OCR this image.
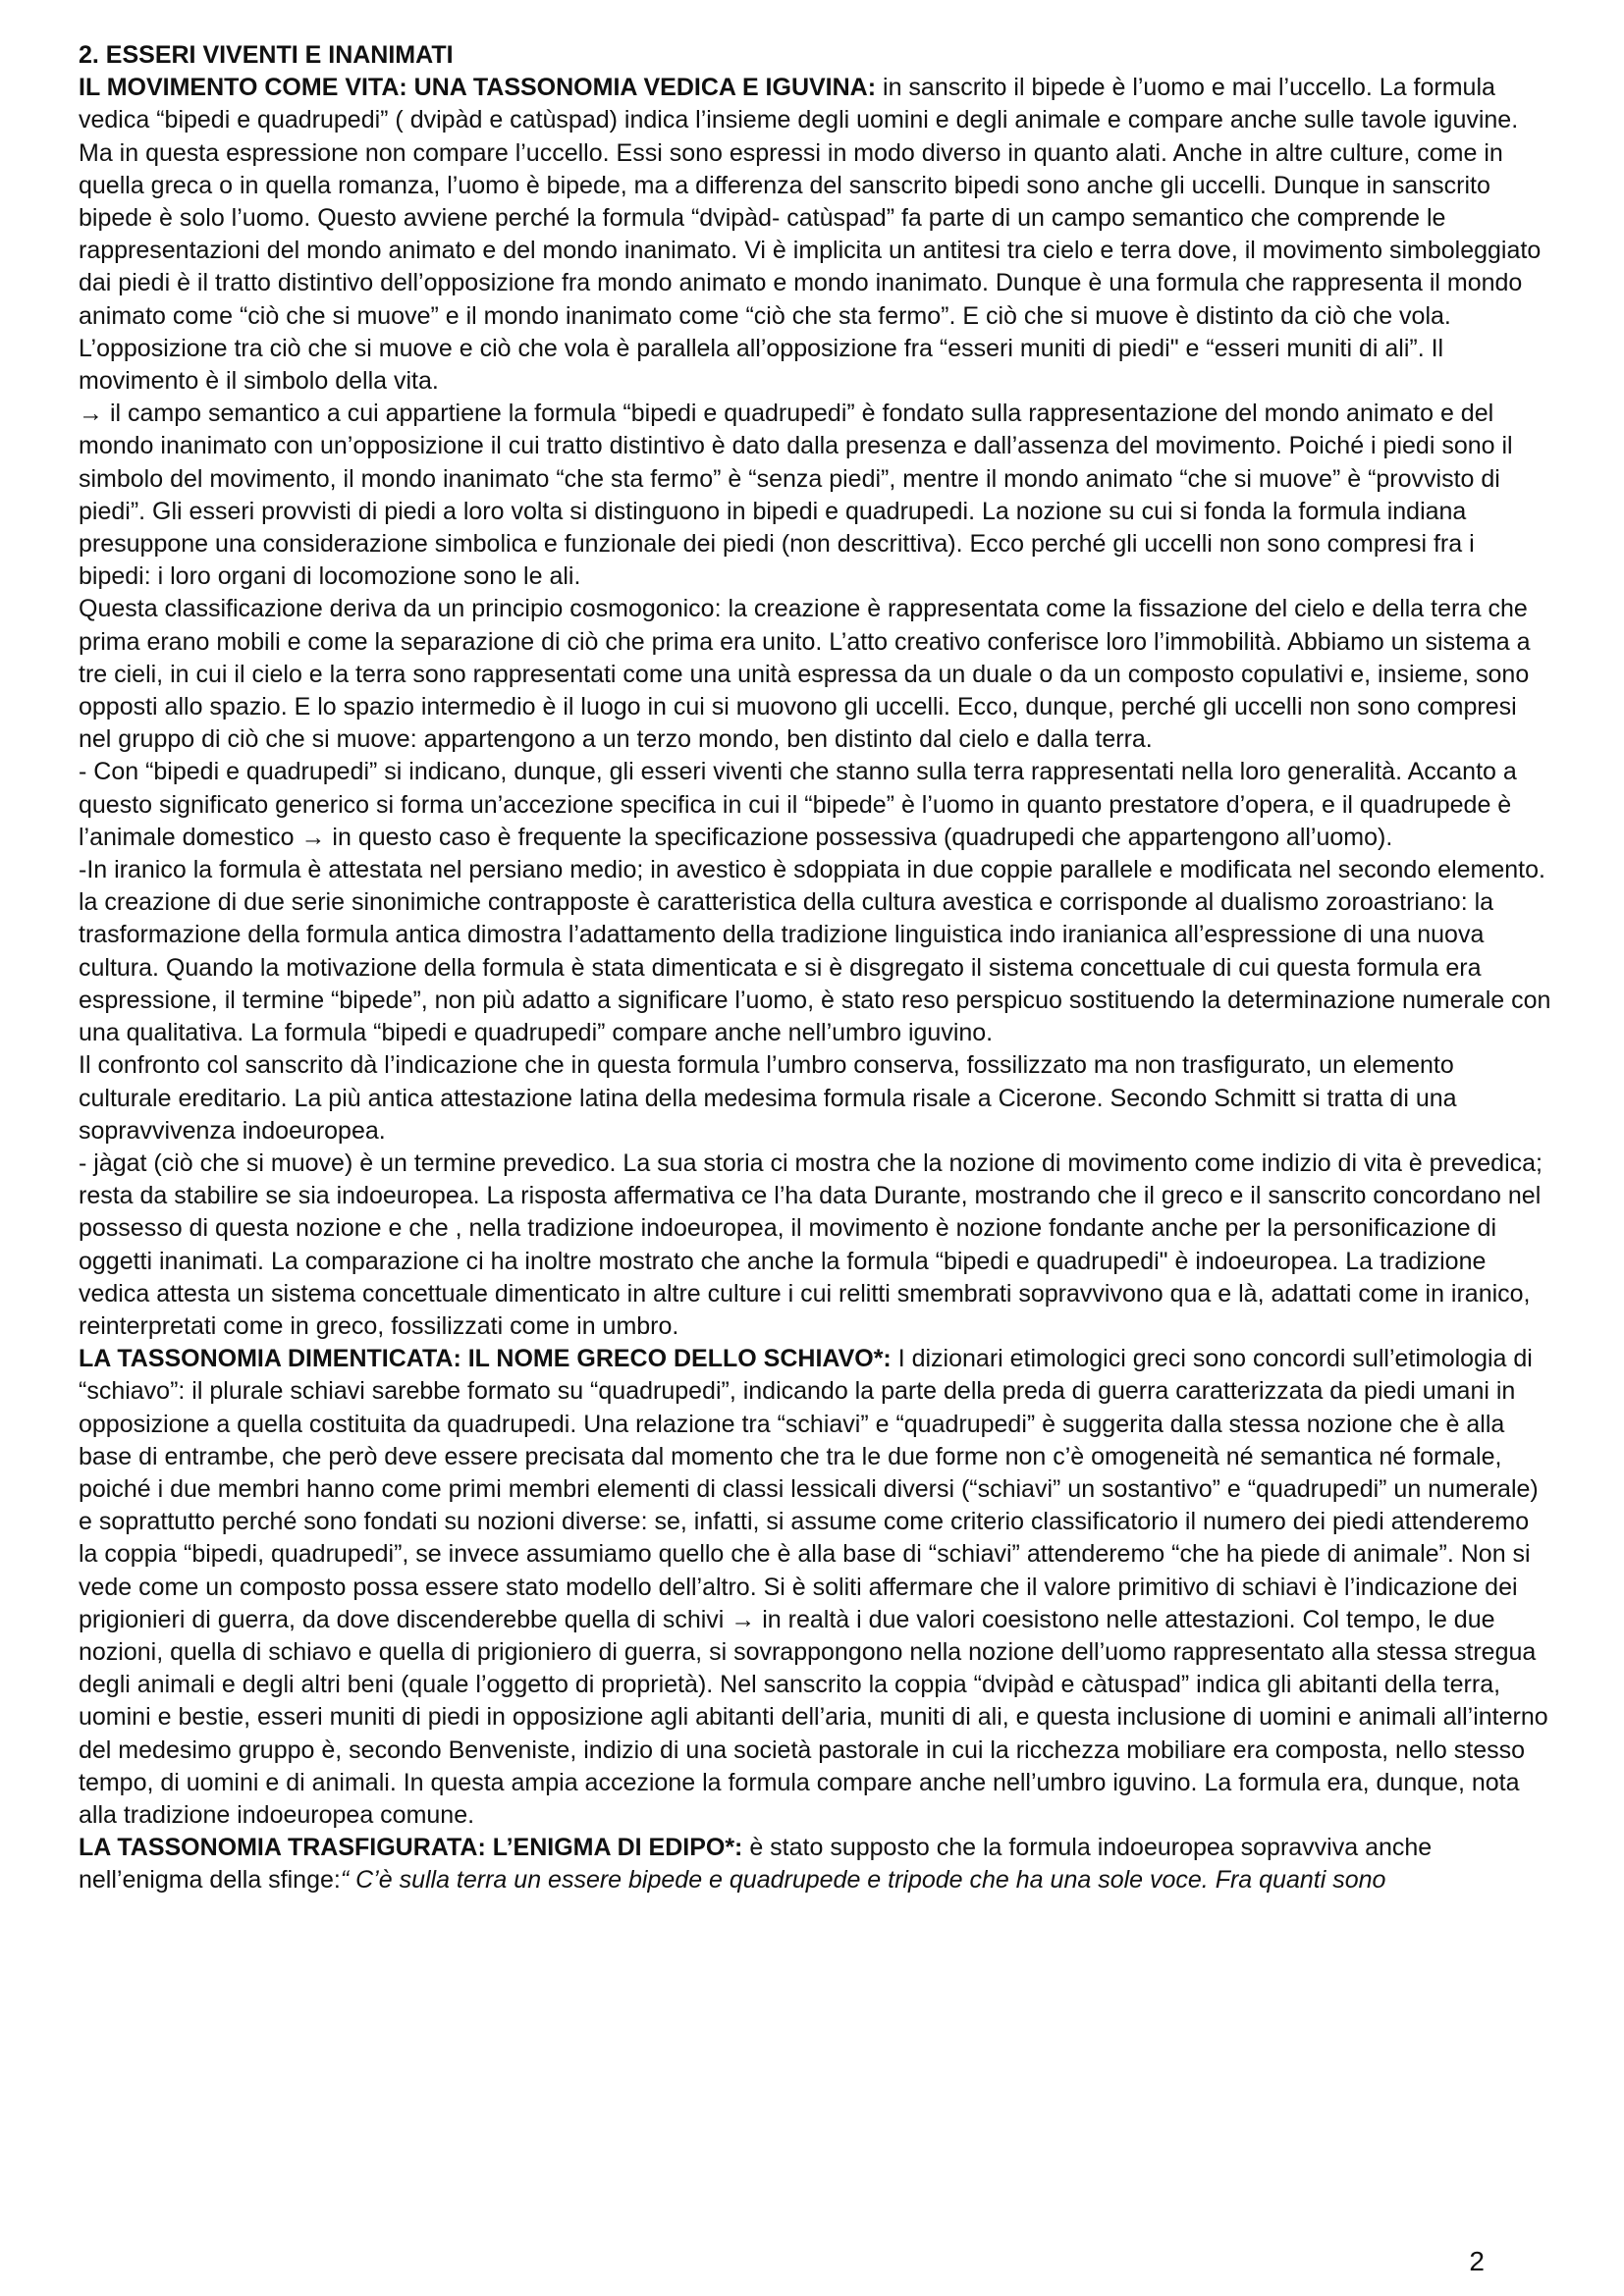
2. ESSERI VIVENTI E INANIMATI

IL MOVIMENTO COME VITA: UNA TASSONOMIA VEDICA E IGUVINA: in sanscrito il bipede è l’uomo e mai l’uccello. La formula vedica “bipedi e quadrupedi” ( dvipàd e catùspad) indica l’insieme degli uomini e degli animale e compare anche sulle tavole iguvine. Ma in questa espressione non compare l’uccello. Essi sono espressi in modo diverso in quanto alati. Anche in altre culture, come in quella greca o in quella romanza, l’uomo è bipede, ma a differenza del sanscrito bipedi sono anche gli uccelli. Dunque in sanscrito bipede è solo l’uomo. Questo avviene perché la formula “dvipàd- catùspad” fa parte di un campo semantico che comprende le rappresentazioni del mondo animato e del mondo inanimato. Vi è implicita un antitesi tra cielo e terra dove, il movimento simboleggiato dai piedi è il tratto distintivo dell’opposizione fra mondo animato e mondo inanimato. Dunque è una formula che rappresenta il mondo animato come “ciò che si muove” e il mondo inanimato come “ciò che sta fermo”. E ciò che si muove è distinto da ciò che vola. L’opposizione tra ciò che si muove e ciò che vola è parallela all’opposizione fra “esseri muniti di piedi" e “esseri muniti di ali”. Il movimento è il simbolo della vita.

→ il campo semantico a cui appartiene la formula “bipedi e quadrupedi” è fondato sulla rappresentazione del mondo animato e del mondo inanimato con un’opposizione il cui tratto distintivo è dato dalla presenza e dall’assenza del movimento. Poiché i piedi sono il simbolo del movimento, il mondo inanimato “che sta fermo” è “senza piedi”, mentre il mondo animato “che si muove” è “provvisto di piedi”. Gli esseri provvisti di piedi a loro volta si distinguono in bipedi e quadrupedi. La nozione su cui si fonda la formula indiana presuppone una considerazione simbolica e funzionale dei piedi (non descrittiva). Ecco perché gli uccelli non sono compresi fra i bipedi: i loro organi di locomozione sono le ali.

Questa classificazione deriva da un principio cosmogonico: la creazione è rappresentata come la fissazione del cielo e della terra che prima erano mobili e come la separazione di ciò che prima era unito. L’atto creativo conferisce loro l’immobilità. Abbiamo un sistema a tre cieli, in cui il cielo e la terra sono rappresentati come una unità espressa da un duale o da un composto copulativi e, insieme, sono opposti allo spazio. E lo spazio intermedio è il luogo in cui si muovono gli uccelli. Ecco, dunque, perché gli uccelli non sono compresi nel gruppo di ciò che si muove: appartengono a un terzo mondo, ben distinto dal cielo e dalla terra.

- Con “bipedi e quadrupedi” si indicano, dunque, gli esseri viventi che stanno sulla terra rappresentati nella loro generalità. Accanto a questo significato generico si forma un’accezione specifica in cui il “bipede” è l’uomo in quanto prestatore d’opera, e il quadrupede è l’animale domestico → in questo caso è frequente la specificazione possessiva (quadrupedi che appartengono all’uomo).

-In iranico la formula è attestata nel persiano medio; in avestico è sdoppiata in due coppie parallele e modificata nel secondo elemento. la creazione di due serie sinonimiche contrapposte è caratteristica della cultura avestica e corrisponde al dualismo zoroastriano: la trasformazione della formula antica dimostra l’adattamento della tradizione linguistica indo iranianica all’espressione di una nuova cultura. Quando la motivazione della formula è stata dimenticata e si è disgregato il sistema concettuale di cui questa formula era espressione, il termine “bipede”, non più adatto a significare l’uomo, è stato reso perspicuo sostituendo la determinazione numerale con una qualitativa. La formula “bipedi e quadrupedi” compare anche nell’umbro iguvino.

Il confronto col sanscrito dà l’indicazione che in questa formula l’umbro conserva, fossilizzato ma non trasfigurato, un elemento culturale ereditario. La più antica attestazione latina della medesima formula risale a Cicerone. Secondo Schmitt si tratta di una sopravvivenza indoeuropea.

- jàgat (ciò che si muove) è un termine prevedico. La sua storia ci mostra che la nozione di movimento come indizio di vita è prevedica; resta da stabilire se sia indoeuropea. La risposta affermativa ce l’ha data Durante, mostrando che il greco e il sanscrito concordano nel possesso di questa nozione e che , nella tradizione indoeuropea, il movimento è nozione fondante anche per la personificazione di oggetti inanimati. La comparazione ci ha inoltre mostrato che anche la formula “bipedi e quadrupedi" è indoeuropea. La tradizione vedica attesta un sistema concettuale dimenticato in altre culture i cui relitti smembrati sopravvivono qua e là, adattati come in iranico, reinterpretati come in greco, fossilizzati come in umbro.

LA TASSONOMIA DIMENTICATA: IL NOME GRECO DELLO SCHIAVO*: I dizionari etimologici greci sono concordi sull’etimologia di “schiavo”: il plurale schiavi sarebbe formato su “quadrupedi”, indicando la parte della preda di guerra caratterizzata da piedi umani in opposizione a quella costituita da quadrupedi. Una relazione tra “schiavi” e “quadrupedi” è suggerita dalla stessa nozione che è alla base di entrambe, che però deve essere precisata dal momento che tra le due forme non c’è omogeneità né semantica né formale, poiché i due membri hanno come primi membri elementi di classi lessicali diversi (“schiavi” un sostantivo” e “quadrupedi” un numerale) e soprattutto perché sono fondati su nozioni diverse: se, infatti, si assume come criterio classificatorio il numero dei piedi attenderemo la coppia “bipedi, quadrupedi”, se invece assumiamo quello che è alla base di “schiavi” attenderemo “che ha piede di animale”. Non si vede come un composto possa essere stato modello dell’altro. Si è soliti affermare che il valore primitivo di schiavi è l’indicazione dei prigionieri di guerra, da dove discenderebbe quella di schivi → in realtà i due valori coesistono nelle attestazioni. Col tempo, le due nozioni, quella di schiavo e quella di prigioniero di guerra, si sovrappongono nella nozione dell’uomo rappresentato alla stessa stregua degli animali e degli altri beni (quale l’oggetto di proprietà). Nel sanscrito la coppia “dvipàd e càtuspad” indica gli abitanti della terra, uomini e bestie, esseri muniti di piedi in opposizione agli abitanti dell’aria, muniti di ali, e questa inclusione di uomini e animali all’interno del medesimo gruppo è, secondo Benveniste, indizio di una società pastorale in cui la ricchezza mobiliare era composta, nello stesso tempo, di uomini e di animali. In questa ampia accezione la formula compare anche nell’umbro iguvino. La formula era, dunque, nota alla tradizione indoeuropea comune.

LA TASSONOMIA TRASFIGURATA: L’ENIGMA DI EDIPO*: è stato supposto che la formula indoeuropea sopravviva anche nell’enigma della sfinge:“ C’è sulla terra un essere bipede e quadrupede e tripode che ha una sole voce. Fra quanti sono

2
